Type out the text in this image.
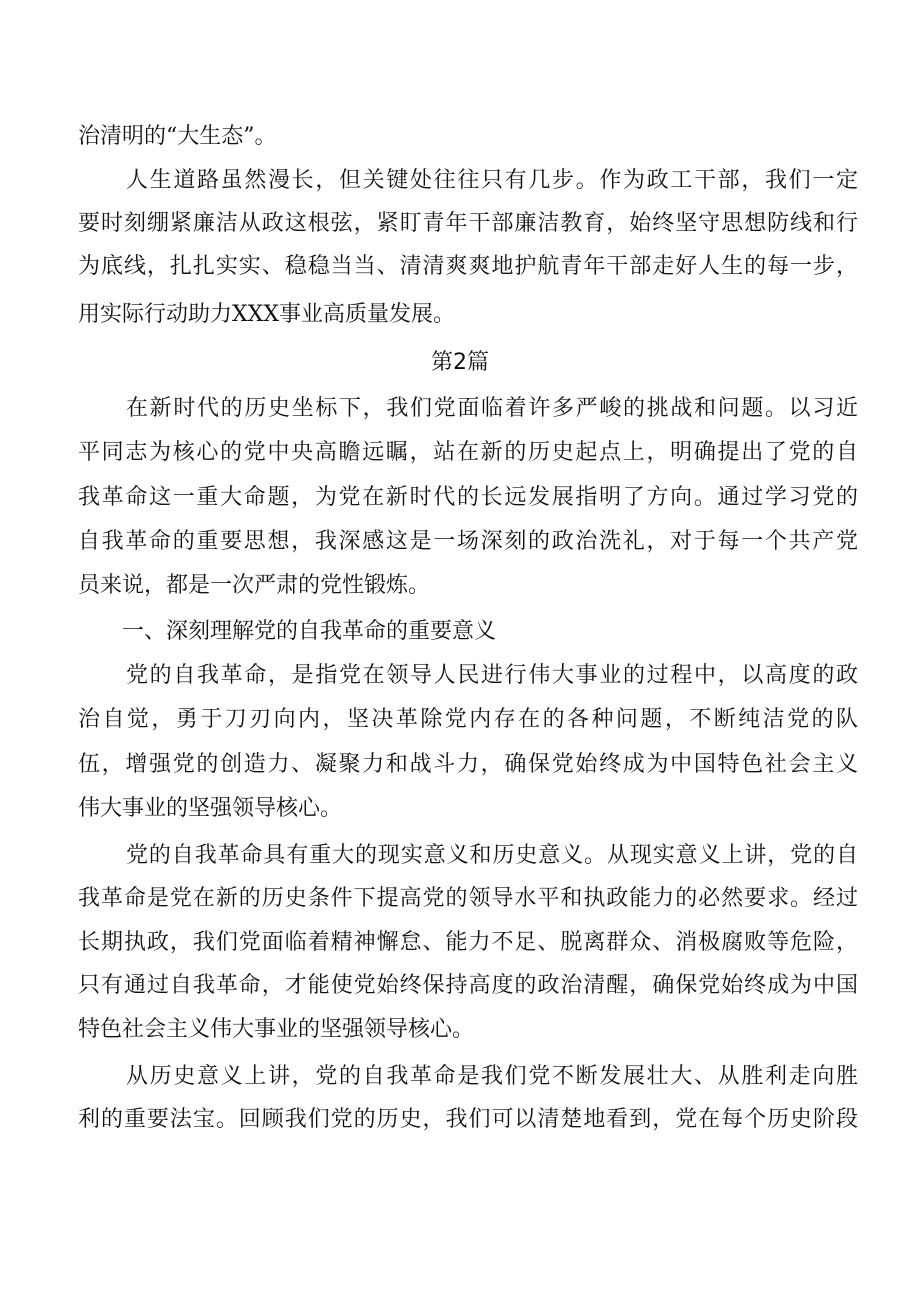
治清明的“大生态”。
人生道路虽然漫长，但关键处往往只有几步。作为政工干部，我们一定
要时刻绷紧廉洁从政这根弦，紧盯青年干部廉洁教育，始终坚守思想防线和行
为底线，扎扎实实、稳稳当当、清清爽爽地护航青年干部走好人生的每一步，
用实际行动助力XXX事业高质量发展。
第2篇
在新时代的历史坐标下，我们党面临着许多严峻的挑战和问题。以习近
平同志为核心的党中央高瞻远瞩，站在新的历史起点上，明确提出了党的自
我革命这一重大命题，为党在新时代的长远发展指明了方向。通过学习党的
自我革命的重要思想，我深感这是一场深刻的政治洗礼，对于每一个共产党
员来说，都是一次严肃的党性锻炼。
一、深刻理解党的自我革命的重要意义
党的自我革命，是指党在领导人民进行伟大事业的过程中，以高度的政
治自觉，勇于刀刃向内，坚决革除党内存在的各种问题，不断纯洁党的队
伍，增强党的创造力、凝聚力和战斗力，确保党始终成为中国特色社会主义
伟大事业的坚强领导核心。
党的自我革命具有重大的现实意义和历史意义。从现实意义上讲，党的自
我革命是党在新的历史条件下提高党的领导水平和执政能力的必然要求。经过
长期执政，我们党面临着精神懈怠、能力不足、脱离群众、消极腐败等危险，
只有通过自我革命，才能使党始终保持高度的政治清醒，确保党始终成为中国
特色社会主义伟大事业的坚强领导核心。
从历史意义上讲，党的自我革命是我们党不断发展壮大、从胜利走向胜
利的重要法宝。回顾我们党的历史，我们可以清楚地看到，党在每个历史阶段
